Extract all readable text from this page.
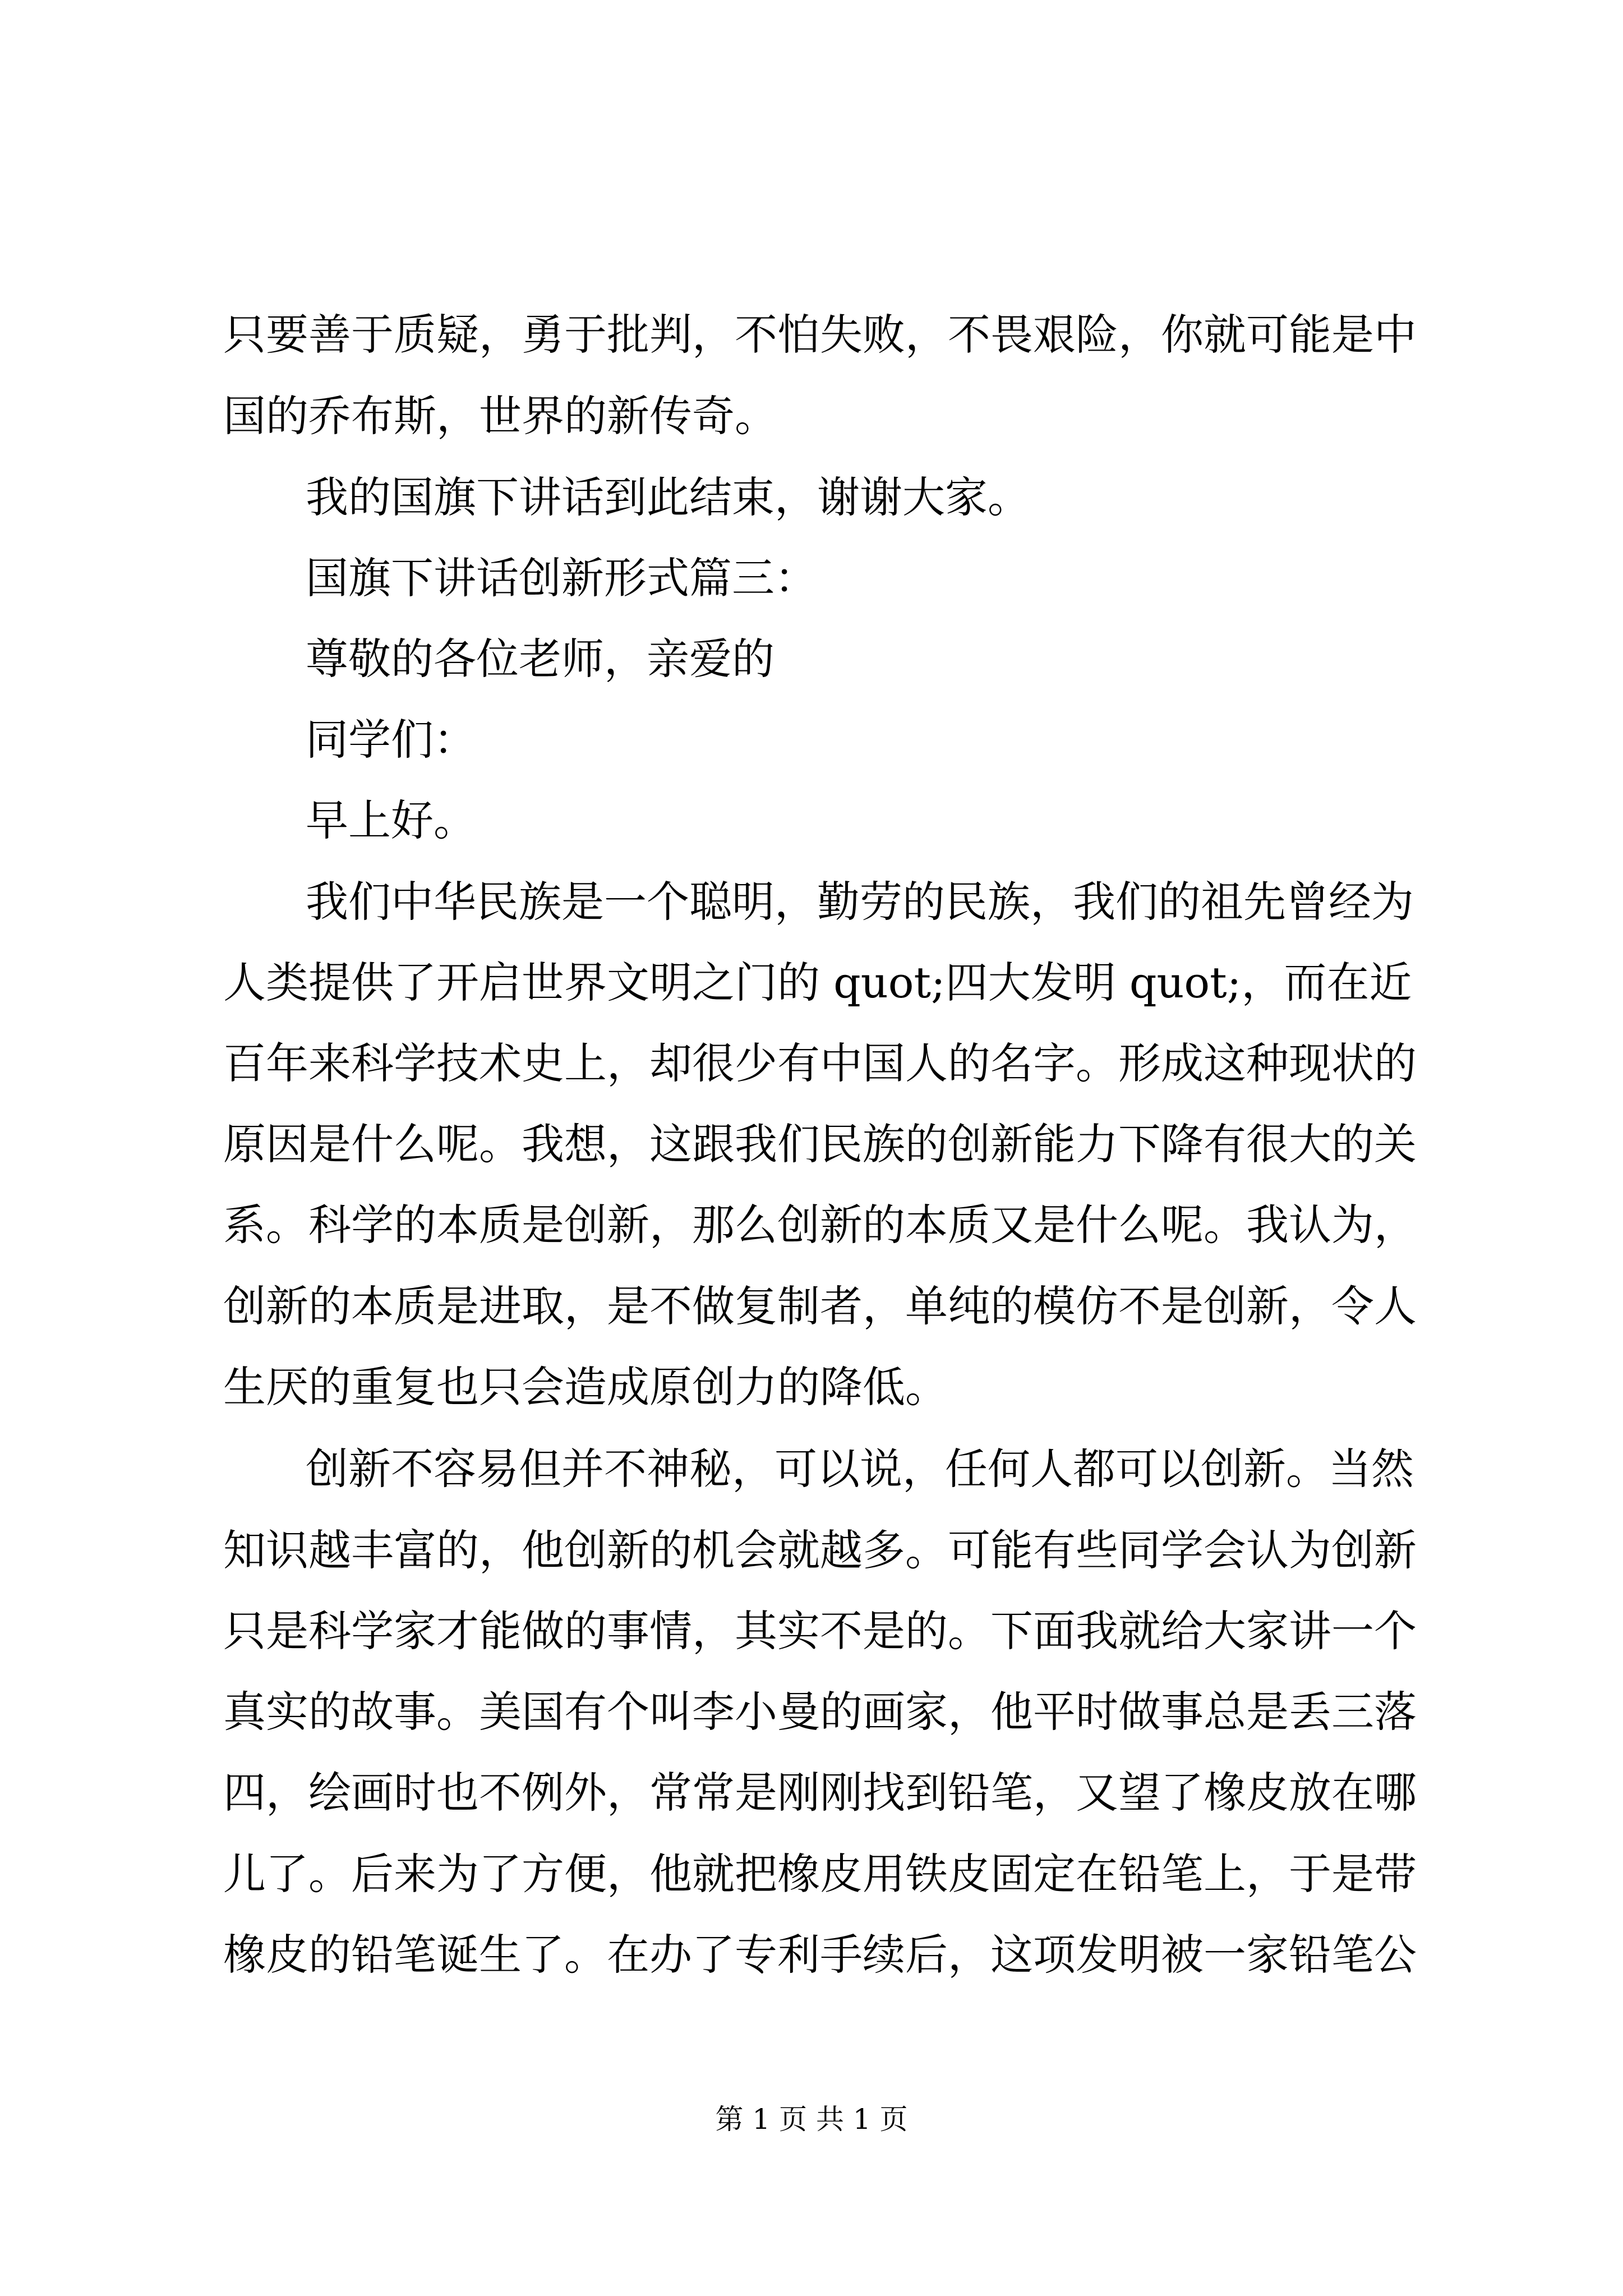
只要善于质疑，勇于批判，不怕失败，不畏艰险，你就可能是中

国的乔布斯，世界的新传奇。

我的国旗下讲话到此结束，谢谢大家。

国旗下讲话创新形式篇三：

尊敬的各位老师，亲爱的

同学们：

早上好。

我们中华民族是一个聪明，勤劳的民族，我们的祖先曾经为

人类提供了开启世界文明之门的 quot;四大发明 quot;，而在近

百年来科学技术史上，却很少有中国人的名字。形成这种现状的

原因是什么呢。我想，这跟我们民族的创新能力下降有很大的关

系。科学的本质是创新，那么创新的本质又是什么呢。我认为，

创新的本质是进取，是不做复制者，单纯的模仿不是创新，令人

生厌的重复也只会造成原创力的降低。

创新不容易但并不神秘，可以说，任何人都可以创新。当然

知识越丰富的，他创新的机会就越多。可能有些同学会认为创新

只是科学家才能做的事情，其实不是的。下面我就给大家讲一个

真实的故事。美国有个叫李小曼的画家，他平时做事总是丢三落

四，绘画时也不例外，常常是刚刚找到铅笔，又望了橡皮放在哪

儿了。后来为了方便，他就把橡皮用铁皮固定在铅笔上，于是带

橡皮的铅笔诞生了。在办了专利手续后，这项发明被一家铅笔公

第 1 页 共 1 页
